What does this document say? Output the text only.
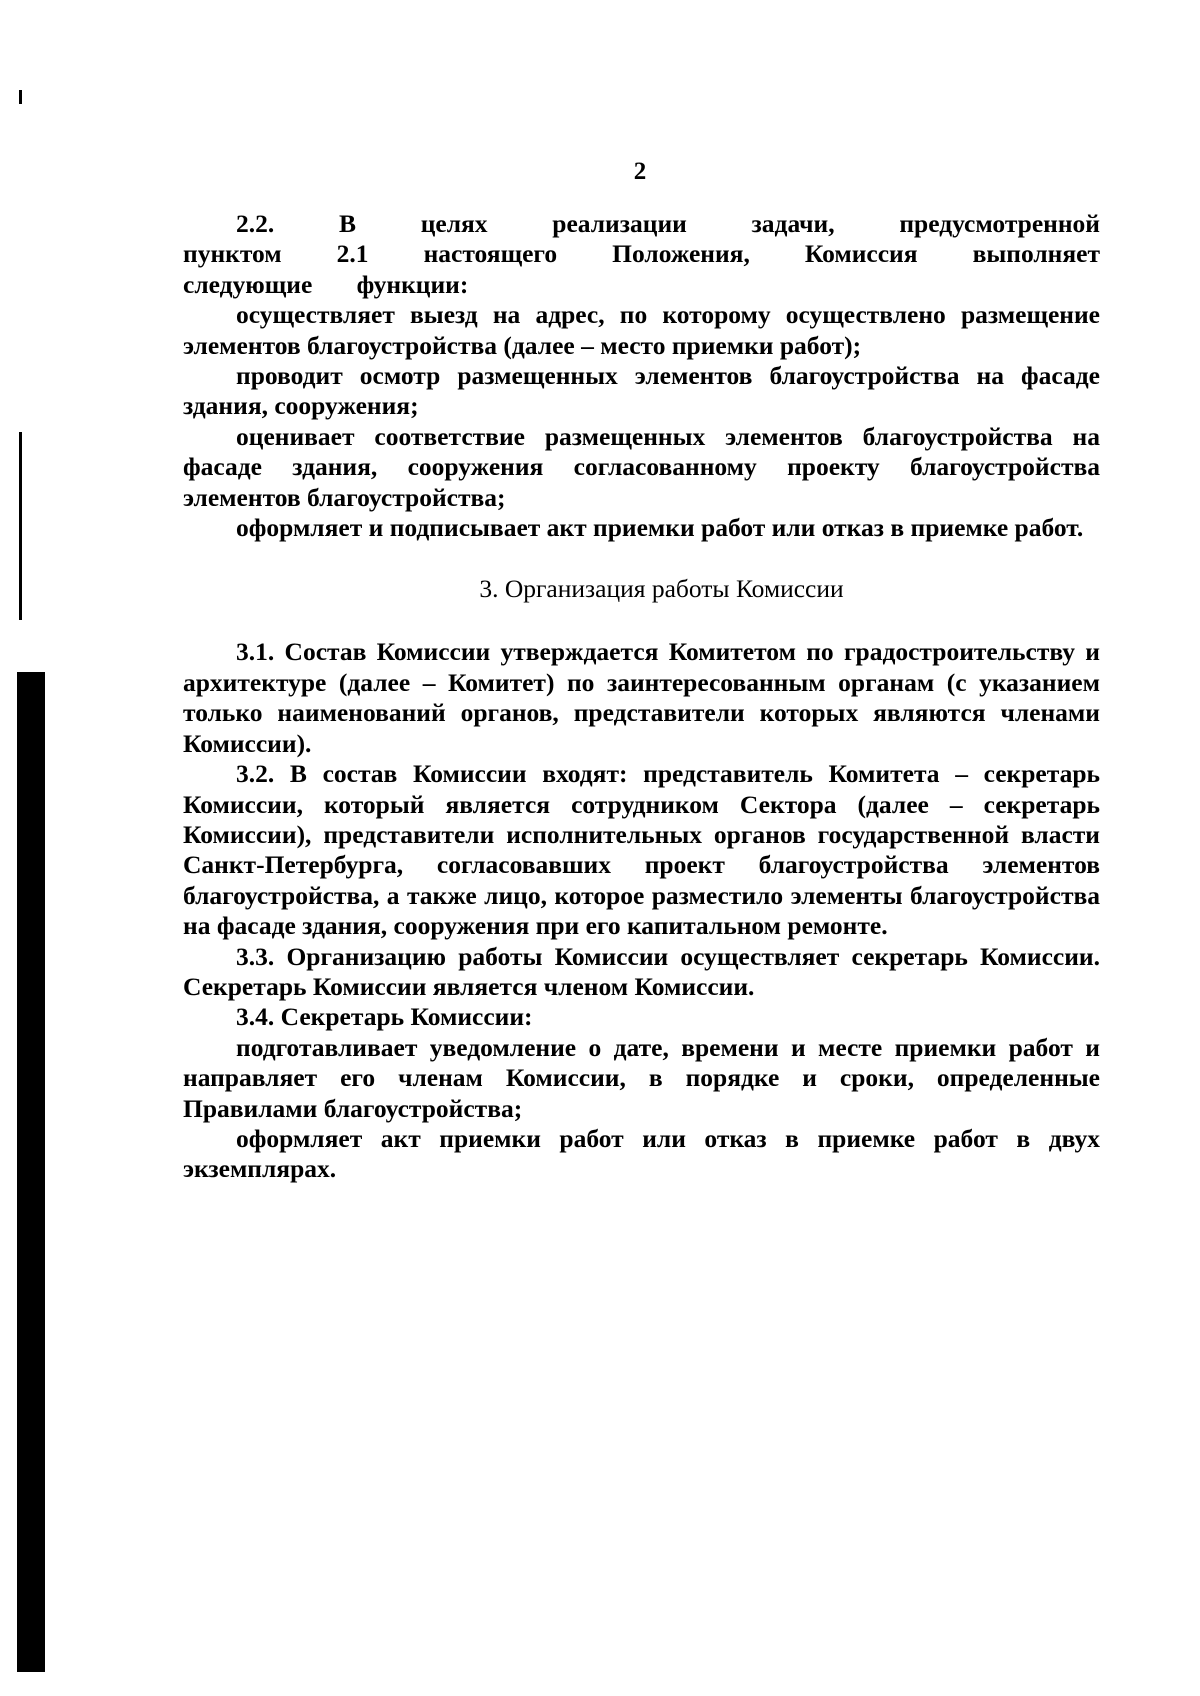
2

2.2. В целях реализации задачи, предусмотренной пунктом 2.1 настоящего Положения, Комиссия выполняет следующие функции:

осуществляет выезд на адрес, по которому осуществлено размещение элементов благоустройства (далее – место приемки работ);

проводит осмотр размещенных элементов благоустройства на фасаде здания, сооружения;

оценивает соответствие размещенных элементов благоустройства на фасаде здания, сооружения согласованному проекту благоустройства элементов благоустройства;

оформляет и подписывает акт приемки работ или отказ в приемке работ.

3. Организация работы Комиссии

3.1. Состав Комиссии утверждается Комитетом по градостроительству и архитектуре (далее – Комитет) по заинтересованным органам (с указанием только наименований органов, представители которых являются членами Комиссии).

3.2. В состав Комиссии входят: представитель Комитета – секретарь Комиссии, который является сотрудником Сектора (далее – секретарь Комиссии), представители исполнительных органов государственной власти Санкт-Петербурга, согласовавших проект благоустройства элементов благоустройства, а также лицо, которое разместило элементы благоустройства на фасаде здания, сооружения при его капитальном ремонте.

3.3. Организацию работы Комиссии осуществляет секретарь Комиссии. Секретарь Комиссии является членом Комиссии.

3.4. Секретарь Комиссии:

подготавливает уведомление о дате, времени и месте приемки работ и направляет его членам Комиссии, в порядке и сроки, определенные Правилами благоустройства;

оформляет акт приемки работ или отказ в приемке работ в двух экземплярах.
